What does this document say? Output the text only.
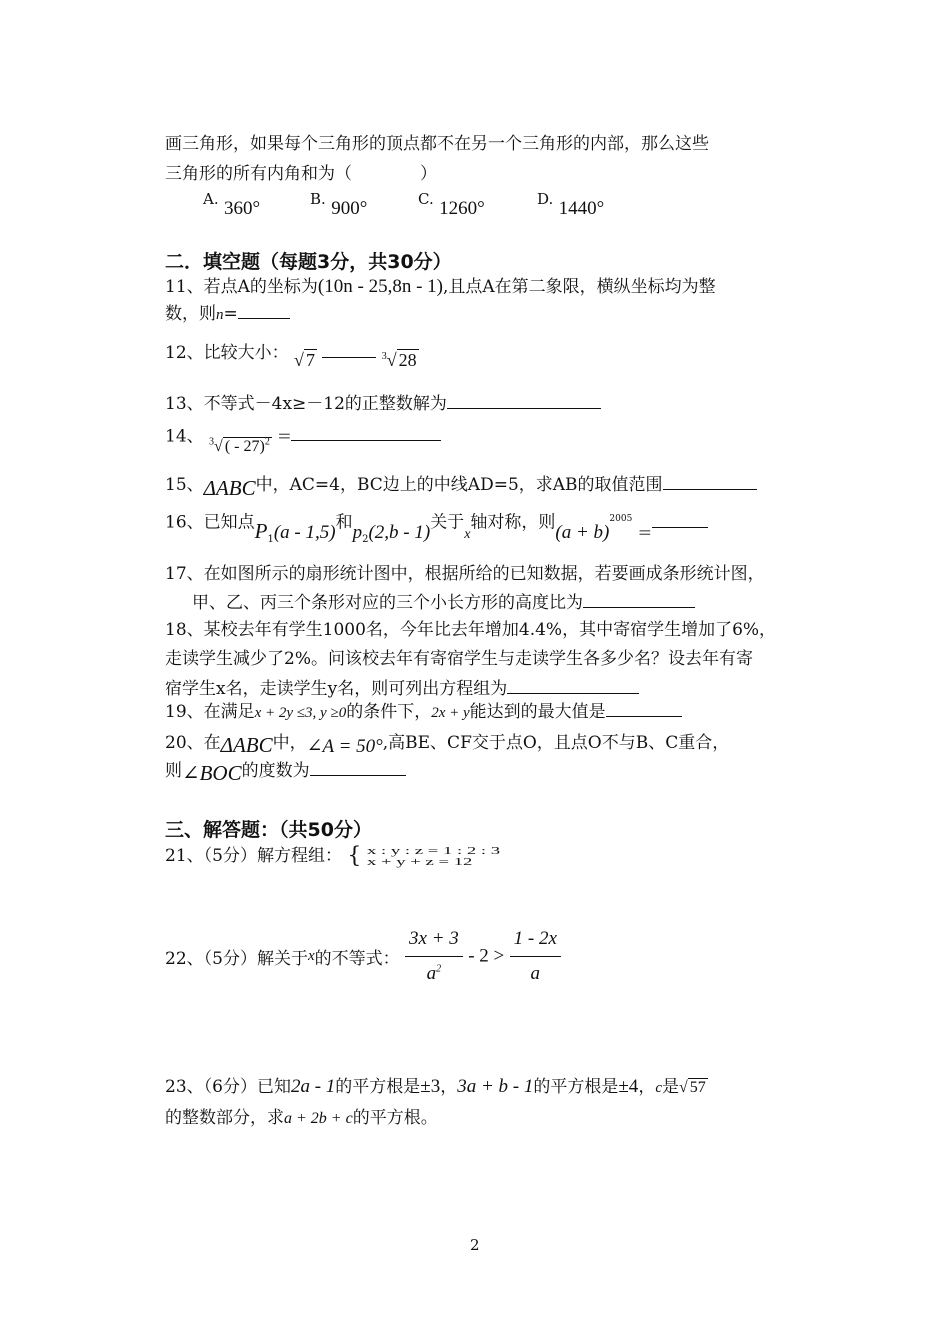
画三角形，如果每个三角形的顶点都不在另一个三角形的内部，那么这些
三角形的所有内角和为（　　　　）
A. 360°	B. 900°	C. 1260°	D. 1440°
二．填空题（每题3分，共30分）
11、若点A的坐标为(10n - 25,8n - 1),且点A在第二象限，横纵坐标均为整
数，则n=
12、比较大小： √ 7	$^3$√ 28
13、不等式－4x≥－12的正整数解为
14、 $^3$√ ( - 27)$^2$ =
15、ΔABC中，AC=4，BC边上的中线AD=5，求AB的取值范围
16、已知点$P_1(a - 1,5)$和$p_2(2,b - 1)$关于$_x$轴对称，则$(a + b)^{2005}$ =
17、在如图所示的扇形统计图中，根据所给的已知数据，若要画成条形统计图，
甲、乙、丙三个条形对应的三个小长方形的高度比为
18、某校去年有学生1000名，今年比去年增加4.4%，其中寄宿学生增加了6%，
走读学生减少了2%。问该校去年有寄宿学生与走读学生各多少名？设去年有寄
宿学生x名，走读学生y名，则可列出方程组为
19、在满足x + 2y ≤3, y ≥0的条件下，2x + y能达到的最大值是
20、在ΔABC中，∠A = 50°,高BE、CF交于点O，且点O不与B、C重合，
则∠BOC的度数为
三、解答题：（共50分）
21、（5分）解方程组： { x : y : z = 1 : 2 : 3
x + y + z = 12
22、（5分）解关于x的不等式： $\frac{3x + 3}{a^2} - 2 > \frac{1 - 2x}{a}$
23、（6分）已知2a - 1的平方根是±3，3a + b - 1的平方根是±4，c是√ 57
的整数部分，求a + 2b + c的平方根。
2
